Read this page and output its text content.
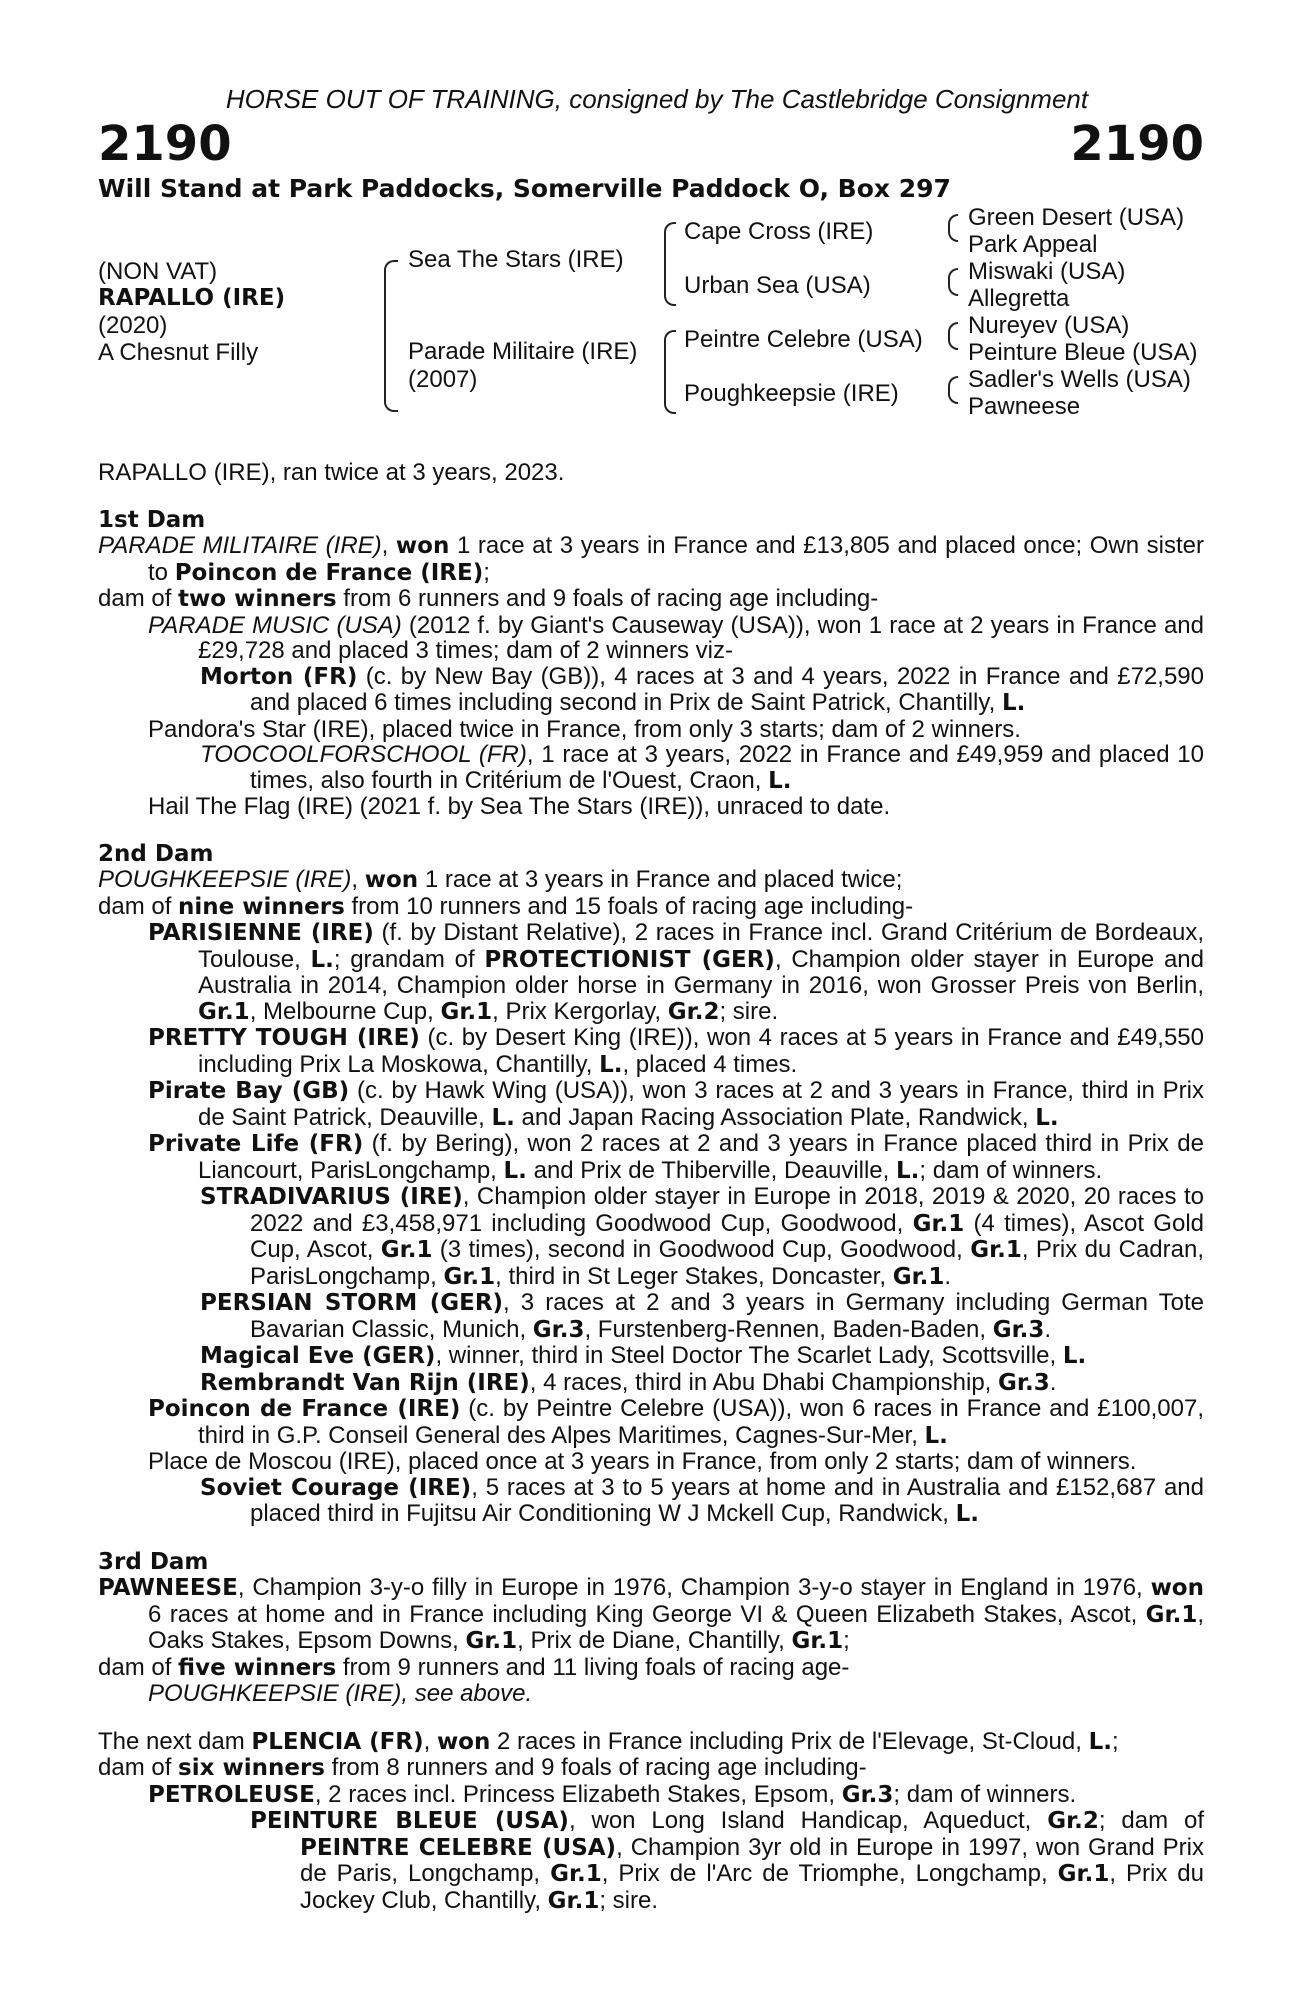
HORSE OUT OF TRAINING, consigned by The Castlebridge Consignment
2190	2190
Will Stand at Park Paddocks, Somerville Paddock O, Box 297
(NON VAT)
RAPALLO (IRE)
(2020)
A Chesnut Filly
Sea The Stars (IRE)
Parade Militaire (IRE)
(2007)
Cape Cross (IRE)
Urban Sea (USA)
Peintre Celebre (USA)
Poughkeepsie (IRE)
Green Desert (USA)
Park Appeal
Miswaki (USA)
Allegretta
Nureyev (USA)
Peinture Bleue (USA)
Sadler's Wells (USA)
Pawneese

RAPALLO (IRE), ran twice at 3 years, 2023.

1st Dam

PARADE MILITAIRE (IRE), won 1 race at 3 years in France and £13,805 and placed once; Own sister to Poincon de France (IRE);

dam of two winners from 6 runners and 9 foals of racing age including-

PARADE MUSIC (USA) (2012 f. by Giant's Causeway (USA)), won 1 race at 2 years in France and £29,728 and placed 3 times; dam of 2 winners viz-

Morton (FR) (c. by New Bay (GB)), 4 races at 3 and 4 years, 2022 in France and £72,590 and placed 6 times including second in Prix de Saint Patrick, Chantilly, L.

Pandora's Star (IRE), placed twice in France, from only 3 starts; dam of 2 winners.

TOOCOOLFORSCHOOL (FR), 1 race at 3 years, 2022 in France and £49,959 and placed 10 times, also fourth in Critérium de l'Ouest, Craon, L.

Hail The Flag (IRE) (2021 f. by Sea The Stars (IRE)), unraced to date.

2nd Dam

POUGHKEEPSIE (IRE), won 1 race at 3 years in France and placed twice;

dam of nine winners from 10 runners and 15 foals of racing age including-

PARISIENNE (IRE) (f. by Distant Relative), 2 races in France incl. Grand Critérium de Bordeaux, Toulouse, L.; grandam of PROTECTIONIST (GER), Champion older stayer in Europe and Australia in 2014, Champion older horse in Germany in 2016, won Grosser Preis von Berlin, Gr.1, Melbourne Cup, Gr.1, Prix Kergorlay, Gr.2; sire.

PRETTY TOUGH (IRE) (c. by Desert King (IRE)), won 4 races at 5 years in France and £49,550 including Prix La Moskowa, Chantilly, L., placed 4 times.

Pirate Bay (GB) (c. by Hawk Wing (USA)), won 3 races at 2 and 3 years in France, third in Prix de Saint Patrick, Deauville, L. and Japan Racing Association Plate, Randwick, L.

Private Life (FR) (f. by Bering), won 2 races at 2 and 3 years in France placed third in Prix de Liancourt, ParisLongchamp, L. and Prix de Thiberville, Deauville, L.; dam of winners.

STRADIVARIUS (IRE), Champion older stayer in Europe in 2018, 2019 & 2020, 20 races to 2022 and £3,458,971 including Goodwood Cup, Goodwood, Gr.1 (4 times), Ascot Gold Cup, Ascot, Gr.1 (3 times), second in Goodwood Cup, Goodwood, Gr.1, Prix du Cadran, ParisLongchamp, Gr.1, third in St Leger Stakes, Doncaster, Gr.1.

PERSIAN STORM (GER), 3 races at 2 and 3 years in Germany including German Tote Bavarian Classic, Munich, Gr.3, Furstenberg-Rennen, Baden-Baden, Gr.3.

Magical Eve (GER), winner, third in Steel Doctor The Scarlet Lady, Scottsville, L.

Rembrandt Van Rijn (IRE), 4 races, third in Abu Dhabi Championship, Gr.3.

Poincon de France (IRE) (c. by Peintre Celebre (USA)), won 6 races in France and £100,007, third in G.P. Conseil General des Alpes Maritimes, Cagnes-Sur-Mer, L.

Place de Moscou (IRE), placed once at 3 years in France, from only 2 starts; dam of winners.

Soviet Courage (IRE), 5 races at 3 to 5 years at home and in Australia and £152,687 and placed third in Fujitsu Air Conditioning W J Mckell Cup, Randwick, L.

3rd Dam

PAWNEESE, Champion 3-y-o filly in Europe in 1976, Champion 3-y-o stayer in England in 1976, won 6 races at home and in France including King George VI & Queen Elizabeth Stakes, Ascot, Gr.1, Oaks Stakes, Epsom Downs, Gr.1, Prix de Diane, Chantilly, Gr.1;

dam of five winners from 9 runners and 11 living foals of racing age-

POUGHKEEPSIE (IRE), see above.

The next dam PLENCIA (FR), won 2 races in France including Prix de l'Elevage, St-Cloud, L.;

dam of six winners from 8 runners and 9 foals of racing age including-

PETROLEUSE, 2 races incl. Princess Elizabeth Stakes, Epsom, Gr.3; dam of winners.

PEINTURE BLEUE (USA), won Long Island Handicap, Aqueduct, Gr.2; dam of PEINTRE CELEBRE (USA), Champion 3yr old in Europe in 1997, won Grand Prix de Paris, Longchamp, Gr.1, Prix de l'Arc de Triomphe, Longchamp, Gr.1, Prix du Jockey Club, Chantilly, Gr.1; sire.
